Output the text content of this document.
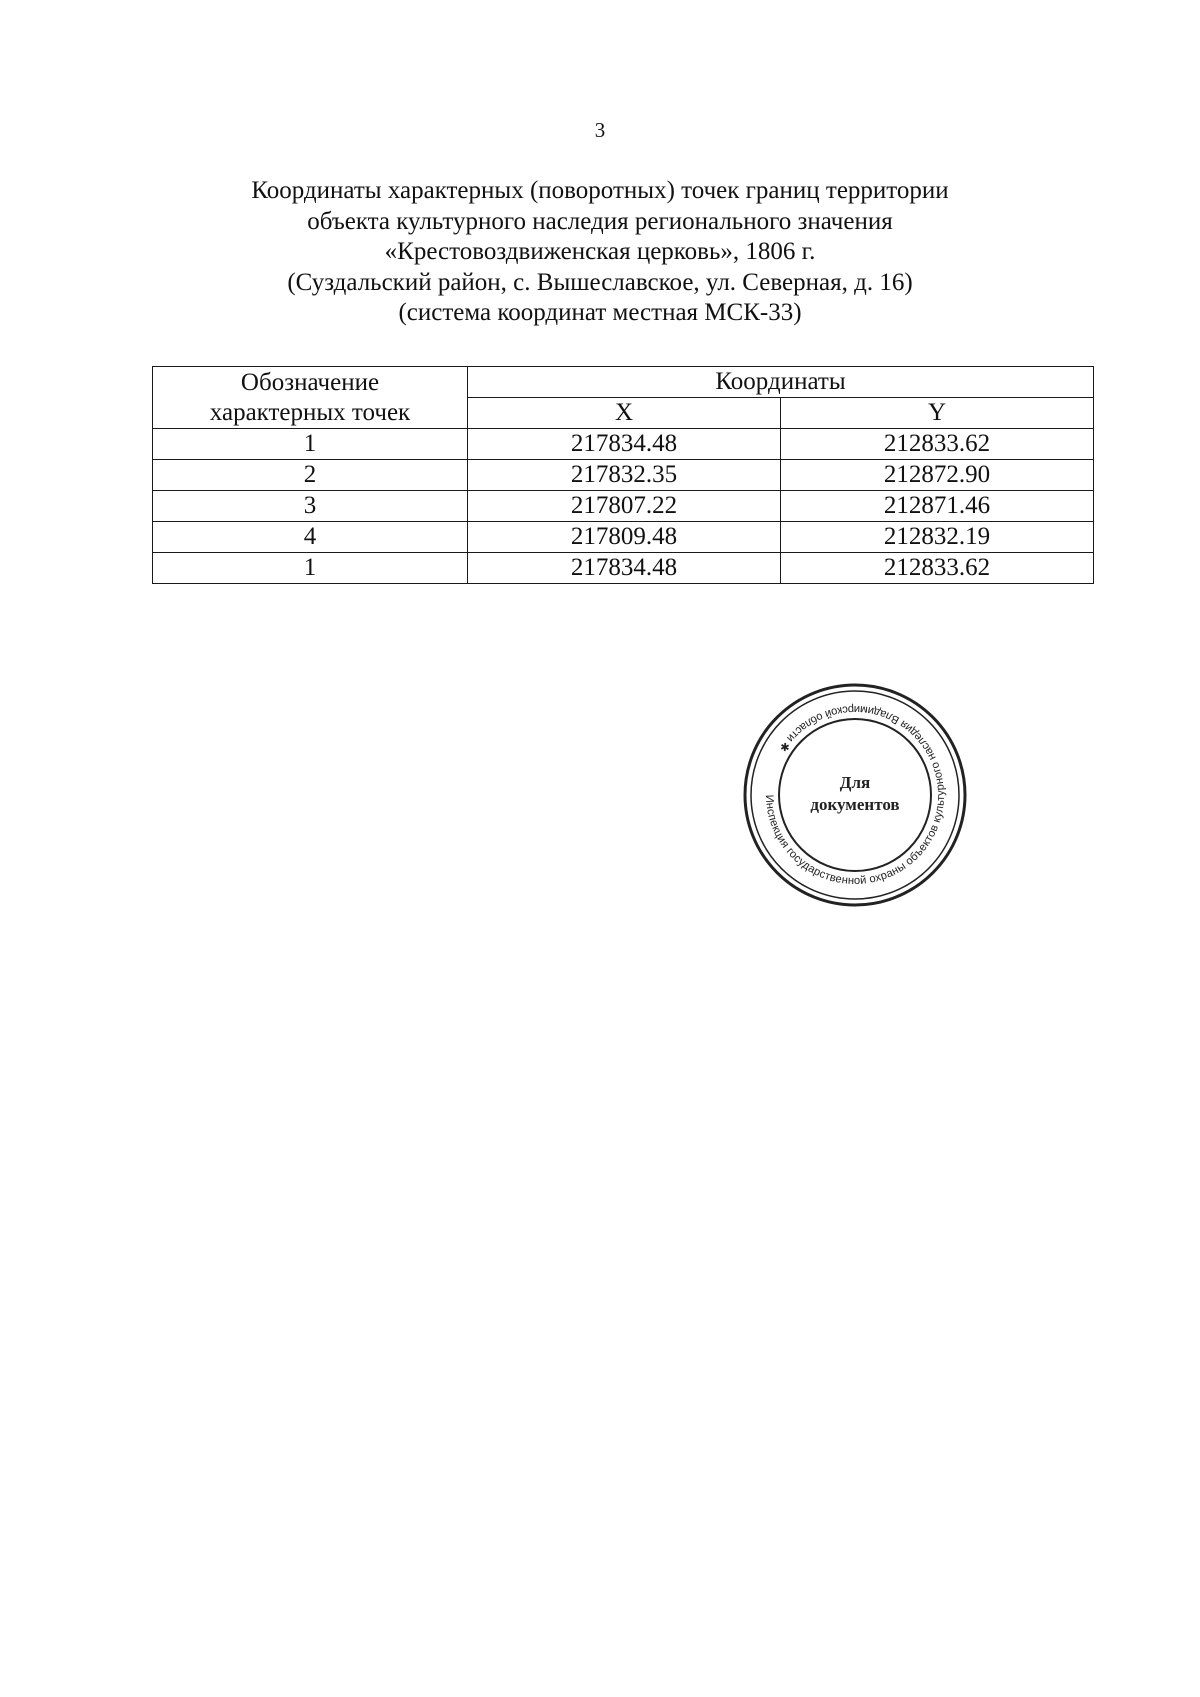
3
Координаты характерных (поворотных) точек границ территории
объекта культурного наследия регионального значения
«Крестовоздвиженская церковь», 1806 г.
(Суздальский район, с. Вышеславское, ул. Северная, д. 16)
(система координат местная МСК-33)
Обозначение
характерных точек	Координаты	
	X	Y
1	217834.48	212833.62
2	217832.35	212872.90
3	217807.22	212871.46
4	217809.48	212832.19
1	217834.48	212833.62
Инспекция государственной охраны объектов культурного наследия Владимирской области ✱
Для
документов
